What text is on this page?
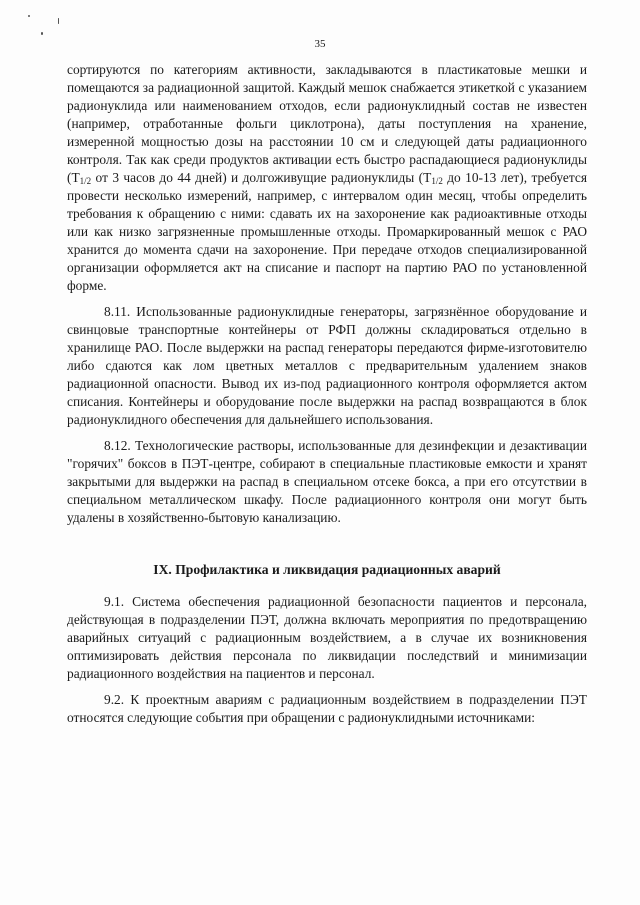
35

сортируются по категориям активности, закладываются в пластикатовые мешки и помещаются за радиационной защитой. Каждый мешок снабжается этикеткой с указанием радионуклида или наименованием отходов, если радионуклидный состав не известен (например, отработанные фольги циклотрона), даты поступления на хранение, измеренной мощностью дозы на расстоянии 10 см и следующей даты радиационного контроля. Так как среди продуктов активации есть быстро распадающиеся радионуклиды ($T_{1/2}$ от 3 часов до 44 дней) и долгоживущие радионуклиды ($T_{1/2}$ до 10-13 лет), требуется провести несколько измерений, например, с интервалом один месяц, чтобы определить требования к обращению с ними: сдавать их на захоронение как радиоактивные отходы или как низко загрязненные промышленные отходы. Промаркированный мешок с РАО хранится до момента сдачи на захоронение. При передаче отходов специализированной организации оформляется акт на списание и паспорт на партию РАО по установленной форме.

8.11. Использованные радионуклидные генераторы, загрязнённое оборудование и свинцовые транспортные контейнеры от РФП должны складироваться отдельно в хранилище РАО. После выдержки на распад генераторы передаются фирме-изготовителю либо сдаются как лом цветных металлов с предварительным удалением знаков радиационной опасности. Вывод их из-под радиационного контроля оформляется актом списания. Контейнеры и оборудование после выдержки на распад возвращаются в блок радионуклидного обеспечения для дальнейшего использования.

8.12. Технологические растворы, использованные для дезинфекции и дезактивации "горячих" боксов в ПЭТ-центре, собирают в специальные пластиковые емкости и хранят закрытыми для выдержки на распад в специальном отсеке бокса, а при его отсутствии в специальном металлическом шкафу. После радиационного контроля они могут быть удалены в хозяйственно-бытовую канализацию.

IX. Профилактика и ликвидация радиационных аварий

9.1. Система обеспечения радиационной безопасности пациентов и персонала, действующая в подразделении ПЭТ, должна включать мероприятия по предотвращению аварийных ситуаций с радиационным воздействием, а в случае их возникновения оптимизировать действия персонала по ликвидации последствий и минимизации радиационного воздействия на пациентов и персонал.

9.2. К проектным авариям с радиационным воздействием в подразделении ПЭТ относятся следующие события при обращении с радионуклидными источниками:
